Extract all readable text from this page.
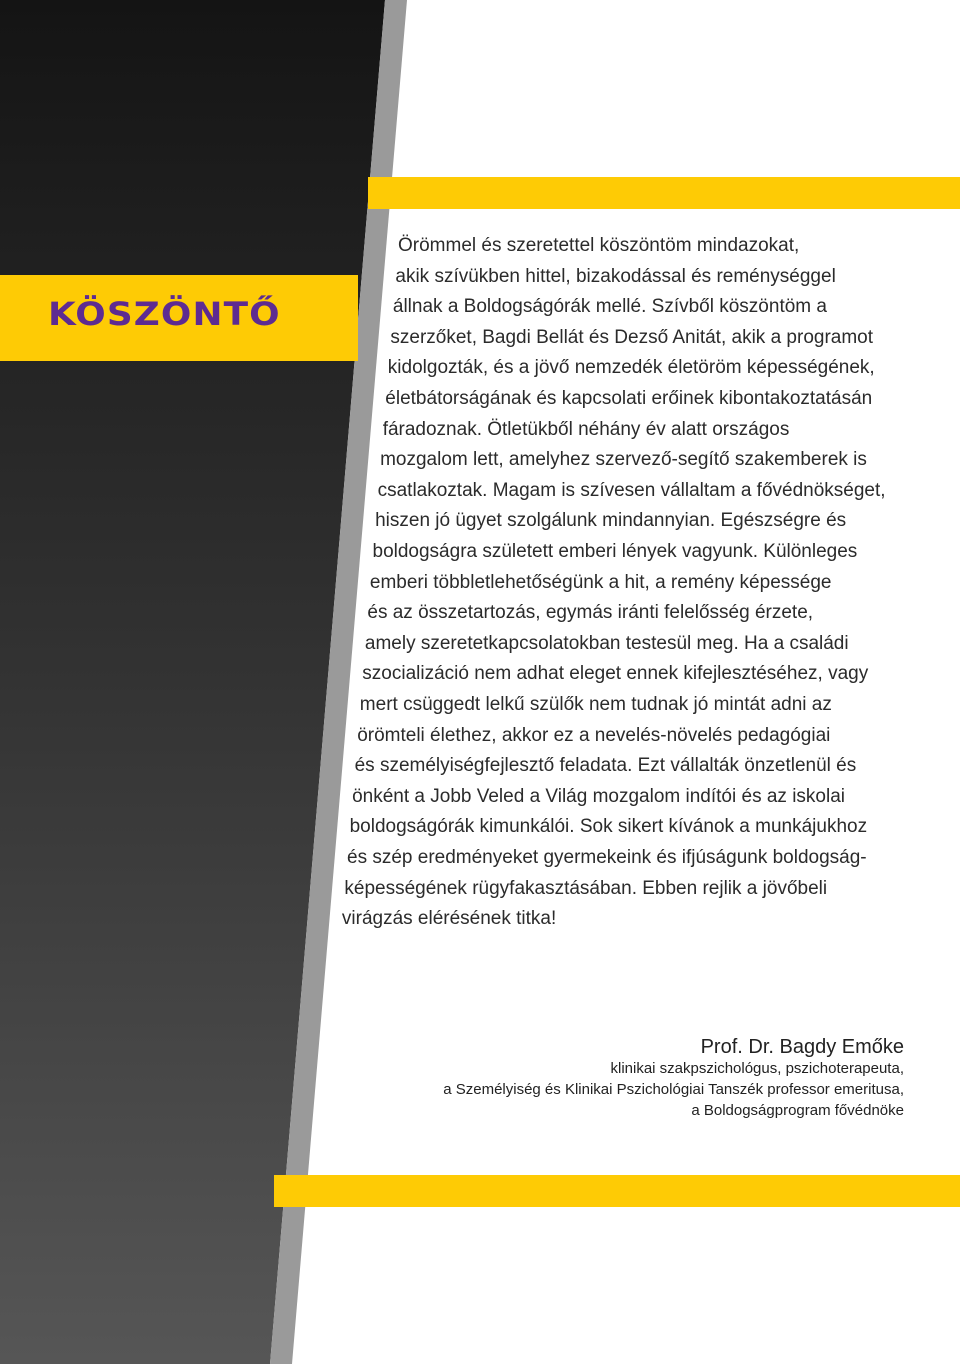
KÖSZÖNTŐ
Örömmel és szeretettel köszöntöm mindazokat,
akik szívükben hittel, bizakodással és reménységgel
állnak a Boldogságórák mellé. Szívből köszöntöm a
szerzőket, Bagdi Bellát és Dezső Anitát, akik a programot
kidolgozták, és a jövő nemzedék életöröm képességének,
életbátorságának és kapcsolati erőinek kibontakoztatásán
fáradoznak. Ötletükből néhány év alatt országos
mozgalom lett, amelyhez szervező-segítő szakemberek is
csatlakoztak. Magam is szívesen vállaltam a fővédnökséget,
hiszen jó ügyet szolgálunk mindannyian. Egészségre és
boldogságra született emberi lények vagyunk. Különleges
emberi többletlehetőségünk a hit, a remény képessége
és az összetartozás, egymás iránti felelősség érzete,
amely szeretetkapcsolatokban testesül meg. Ha a családi
szocializáció nem adhat eleget ennek kifejlesztéséhez, vagy
mert csüggedt lelkű szülők nem tudnak jó mintát adni az
örömteli élethez, akkor ez a nevelés-növelés pedagógiai
és személyiségfejlesztő feladata. Ezt vállalták önzetlenül és
önként a Jobb Veled a Világ mozgalom indítói és az iskolai
boldogságórák kimunkálói. Sok sikert kívánok a munkájukhoz
és szép eredményeket gyermekeink és ifjúságunk boldogság-
képességének rügyfakasztásában. Ebben rejlik a jövőbeli
virágzás elérésének titka!
Prof. Dr. Bagdy Emőke
klinikai szakpszichológus, pszichoterapeuta,
a Személyiség és Klinikai Pszichológiai Tanszék professor emeritusa,
a Boldogságprogram fővédnöke
